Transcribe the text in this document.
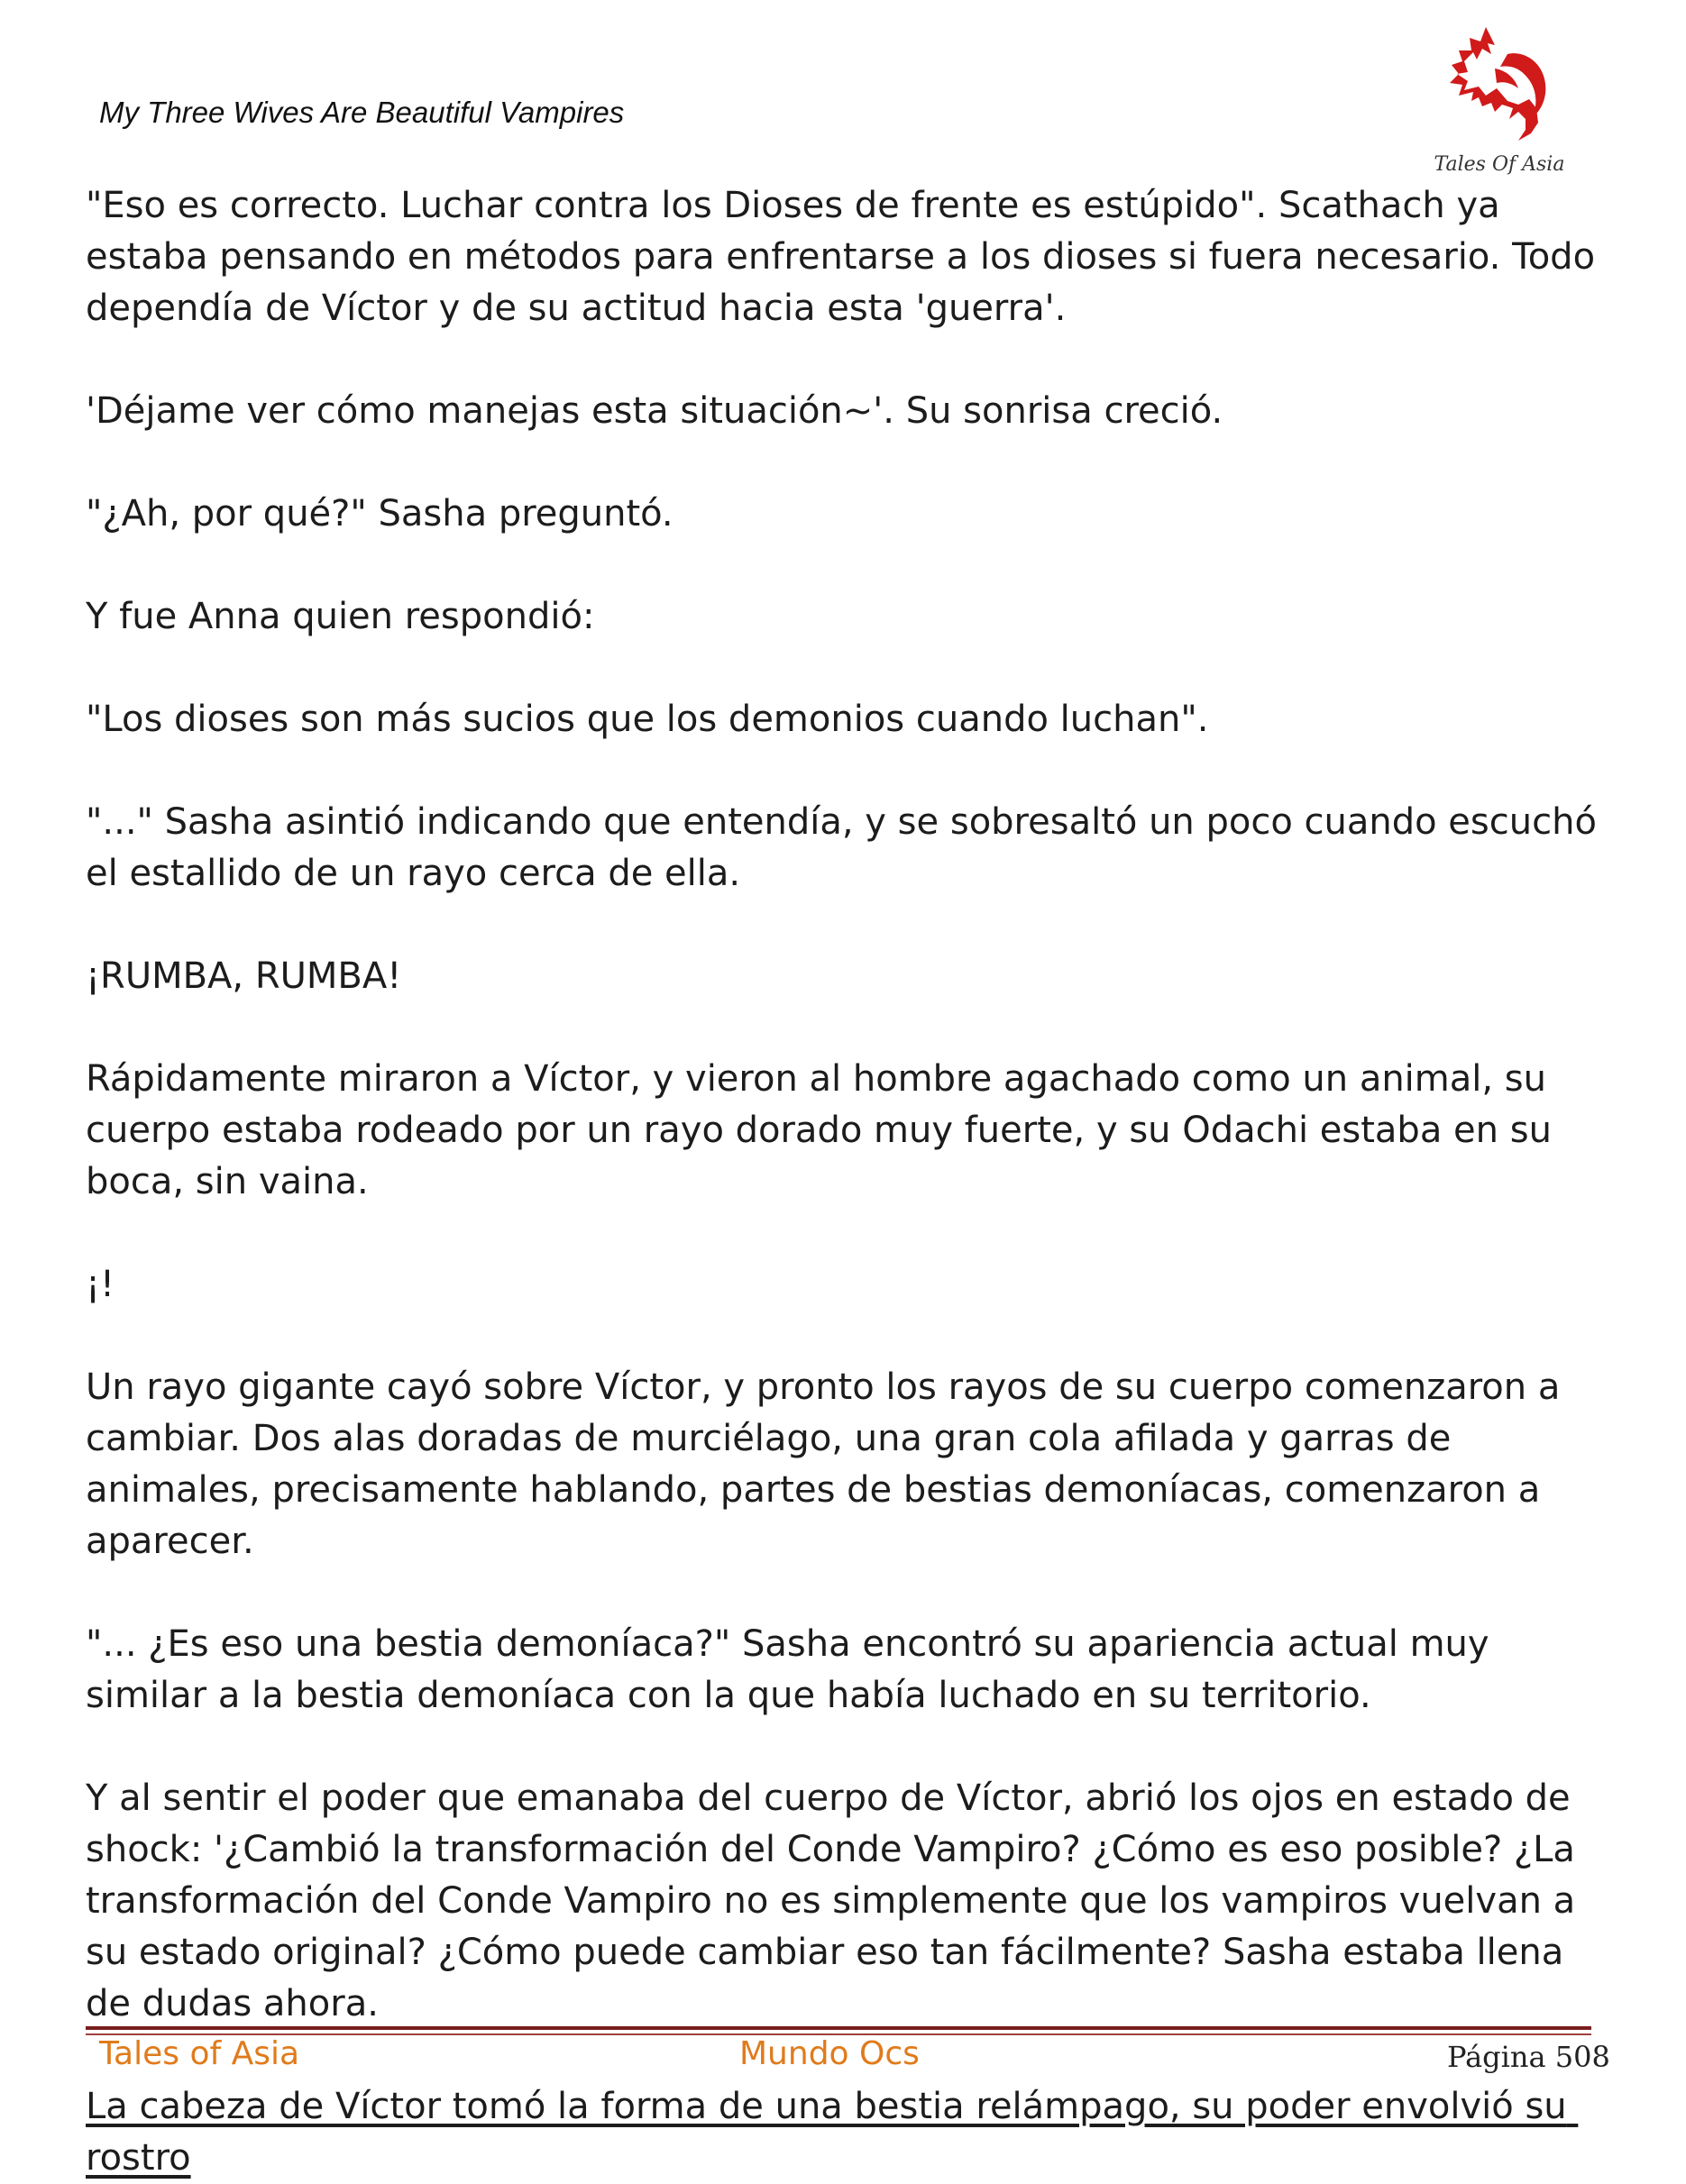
My Three Wives Are Beautiful Vampires
Tales Of Asia

"Eso es correcto. Luchar contra los Dioses de frente es estúpido". Scathach ya estaba pensando en métodos para enfrentarse a los dioses si fuera necesario. Todo dependía de Víctor y de su actitud hacia esta 'guerra'.

'Déjame ver cómo manejas esta situación~'. Su sonrisa creció.

"¿Ah, por qué?" Sasha preguntó.

Y fue Anna quien respondió:

"Los dioses son más sucios que los demonios cuando luchan".

"..." Sasha asintió indicando que entendía, y se sobresaltó un poco cuando escuchó el estallido de un rayo cerca de ella.

¡RUMBA, RUMBA!

Rápidamente miraron a Víctor, y vieron al hombre agachado como un animal, su cuerpo estaba rodeado por un rayo dorado muy fuerte, y su Odachi estaba en su boca, sin vaina.

¡!

Un rayo gigante cayó sobre Víctor, y pronto los rayos de su cuerpo comenzaron a cambiar. Dos alas doradas de murciélago, una gran cola afilada y garras de animales, precisamente hablando, partes de bestias demoníacas, comenzaron a aparecer.

"... ¿Es eso una bestia demoníaca?" Sasha encontró su apariencia actual muy similar a la bestia demoníaca con la que había luchado en su territorio.

Y al sentir el poder que emanaba del cuerpo de Víctor, abrió los ojos en estado de shock: '¿Cambió la transformación del Conde Vampiro? ¿Cómo es eso posible? ¿La transformación del Conde Vampiro no es simplemente que los vampiros vuelvan a su estado original? ¿Cómo puede cambiar eso tan fácilmente? Sasha estaba llena de dudas ahora.

La cabeza de Víctor tomó la forma de una bestia relámpago, su poder envolvió su rostro

Tales of Asia	Mundo Ocs	Página 508
